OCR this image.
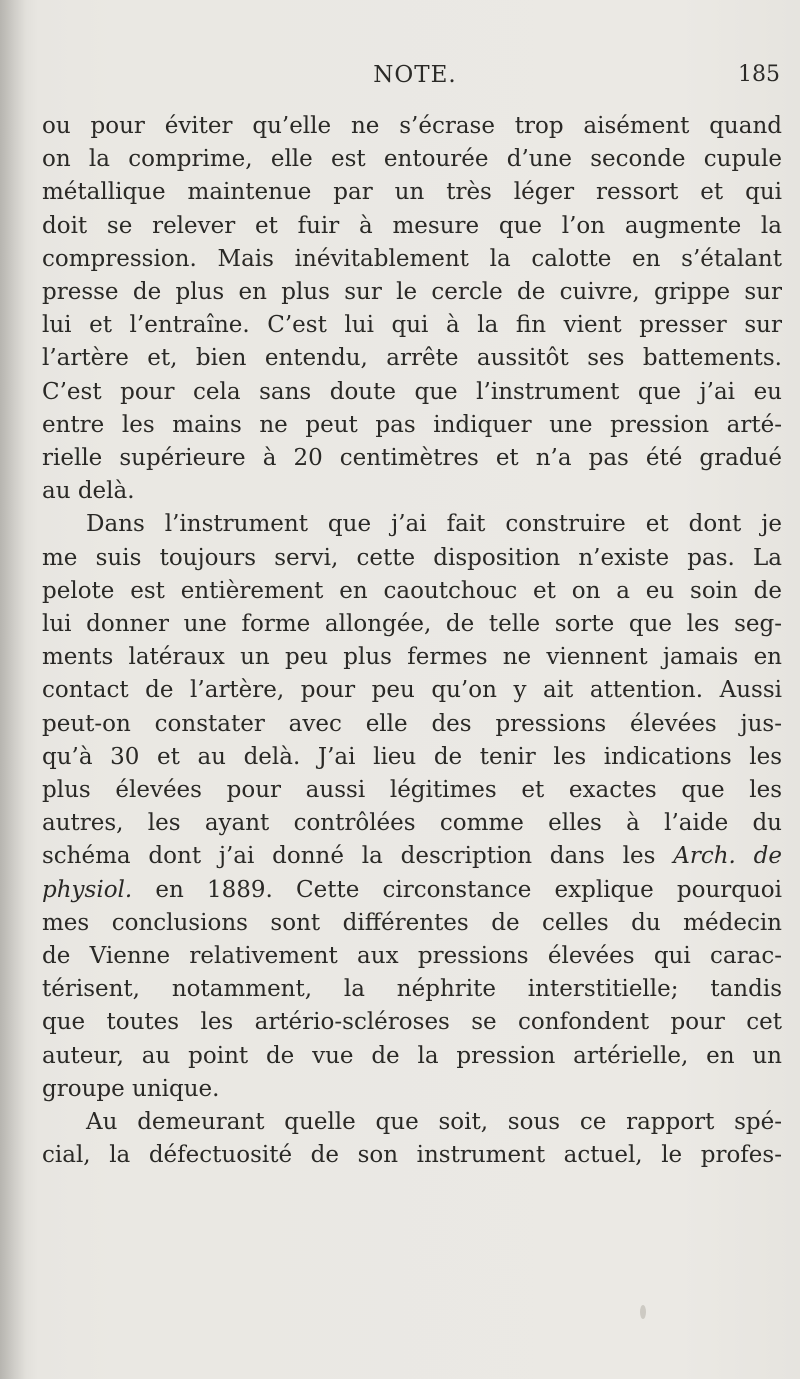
NOTE.	185
ou pour éviter qu’elle ne s’écrase trop aisément quand
on la comprime, elle est entourée d’une seconde cupule
métallique maintenue par un très léger ressort et qui
doit se relever et fuir à mesure que l’on augmente la
compression. Mais inévitablement la calotte en s’étalant
presse de plus en plus sur le cercle de cuivre, grippe sur
lui et l’entraîne. C’est lui qui à la fin vient presser sur
l’artère et, bien entendu, arrête aussitôt ses battements.
C’est pour cela sans doute que l’instrument que j’ai eu
entre les mains ne peut pas indiquer une pression arté-
rielle supérieure à 20 centimètres et n’a pas été gradué
au delà.
Dans l’instrument que j’ai fait construire et dont je
me suis toujours servi, cette disposition n’existe pas. La
pelote est entièrement en caoutchouc et on a eu soin de
lui donner une forme allongée, de telle sorte que les seg-
ments latéraux un peu plus fermes ne viennent jamais en
contact de l’artère, pour peu qu’on y ait attention. Aussi
peut-on constater avec elle des pressions élevées jus-
qu’à 30 et au delà. J’ai lieu de tenir les indications les
plus élevées pour aussi légitimes et exactes que les
autres, les ayant contrôlées comme elles à l’aide du
schéma dont j’ai donné la description dans les Arch. de
physiol. en 1889. Cette circonstance explique pourquoi
mes conclusions sont différentes de celles du médecin
de Vienne relativement aux pressions élevées qui carac-
térisent, notamment, la néphrite interstitielle; tandis
que toutes les artério-scléroses se confondent pour cet
auteur, au point de vue de la pression artérielle, en un
groupe unique.
Au demeurant quelle que soit, sous ce rapport spé-
cial, la défectuosité de son instrument actuel, le profes-
